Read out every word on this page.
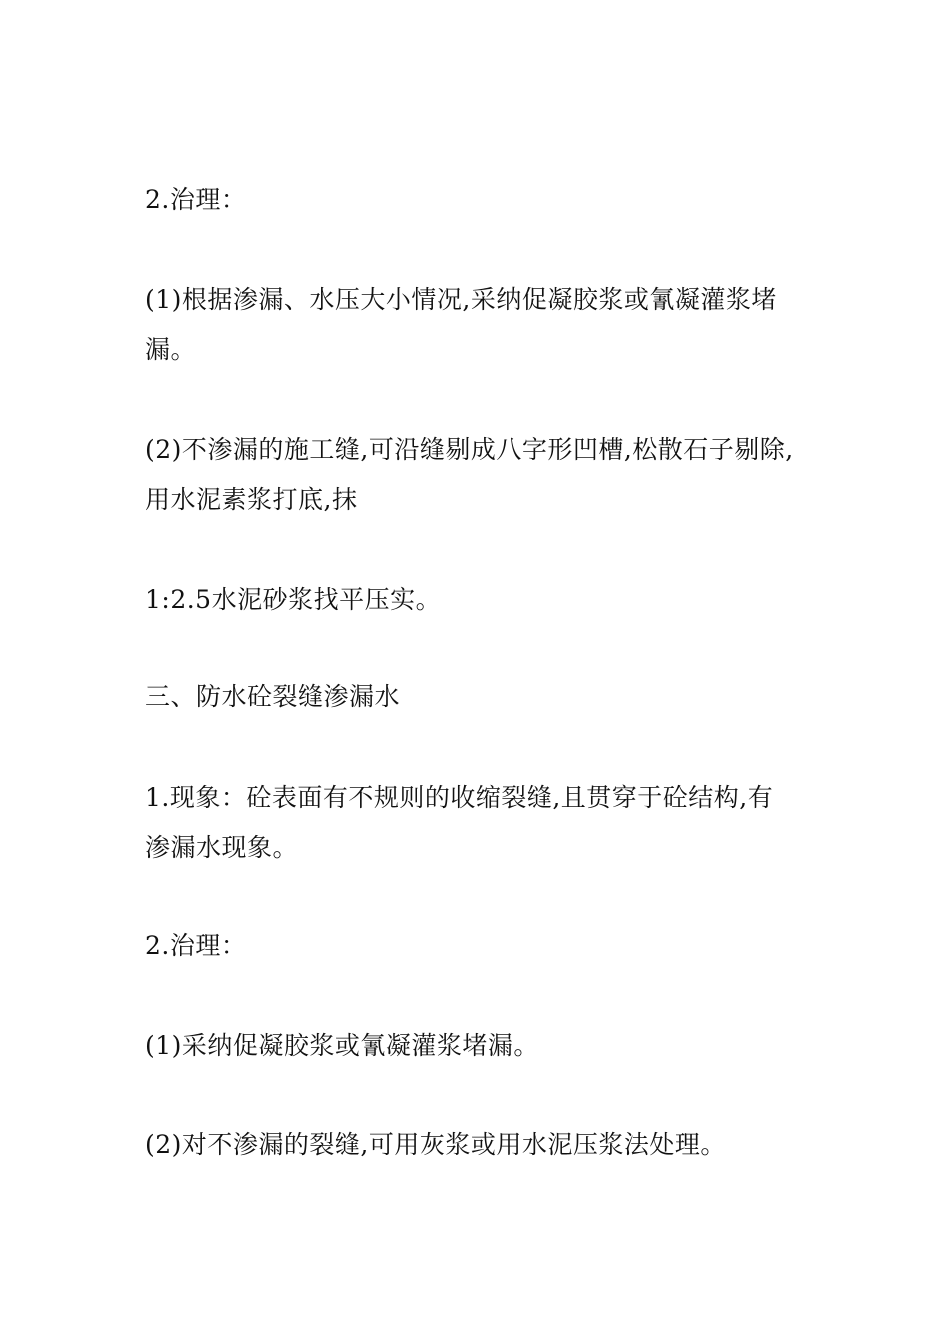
2.治理：

(1)根据渗漏、水压大小情况,采纳促凝胶浆或氰凝灌浆堵
漏。

(2)不渗漏的施工缝,可沿缝剔成八字形凹槽,松散石子剔除,
用水泥素浆打底,抹

1:2.5水泥砂浆找平压实。

三、防水砼裂缝渗漏水

1.现象：砼表面有不规则的收缩裂缝,且贯穿于砼结构,有
渗漏水现象。

2.治理：

(1)采纳促凝胶浆或氰凝灌浆堵漏。

(2)对不渗漏的裂缝,可用灰浆或用水泥压浆法处理。
